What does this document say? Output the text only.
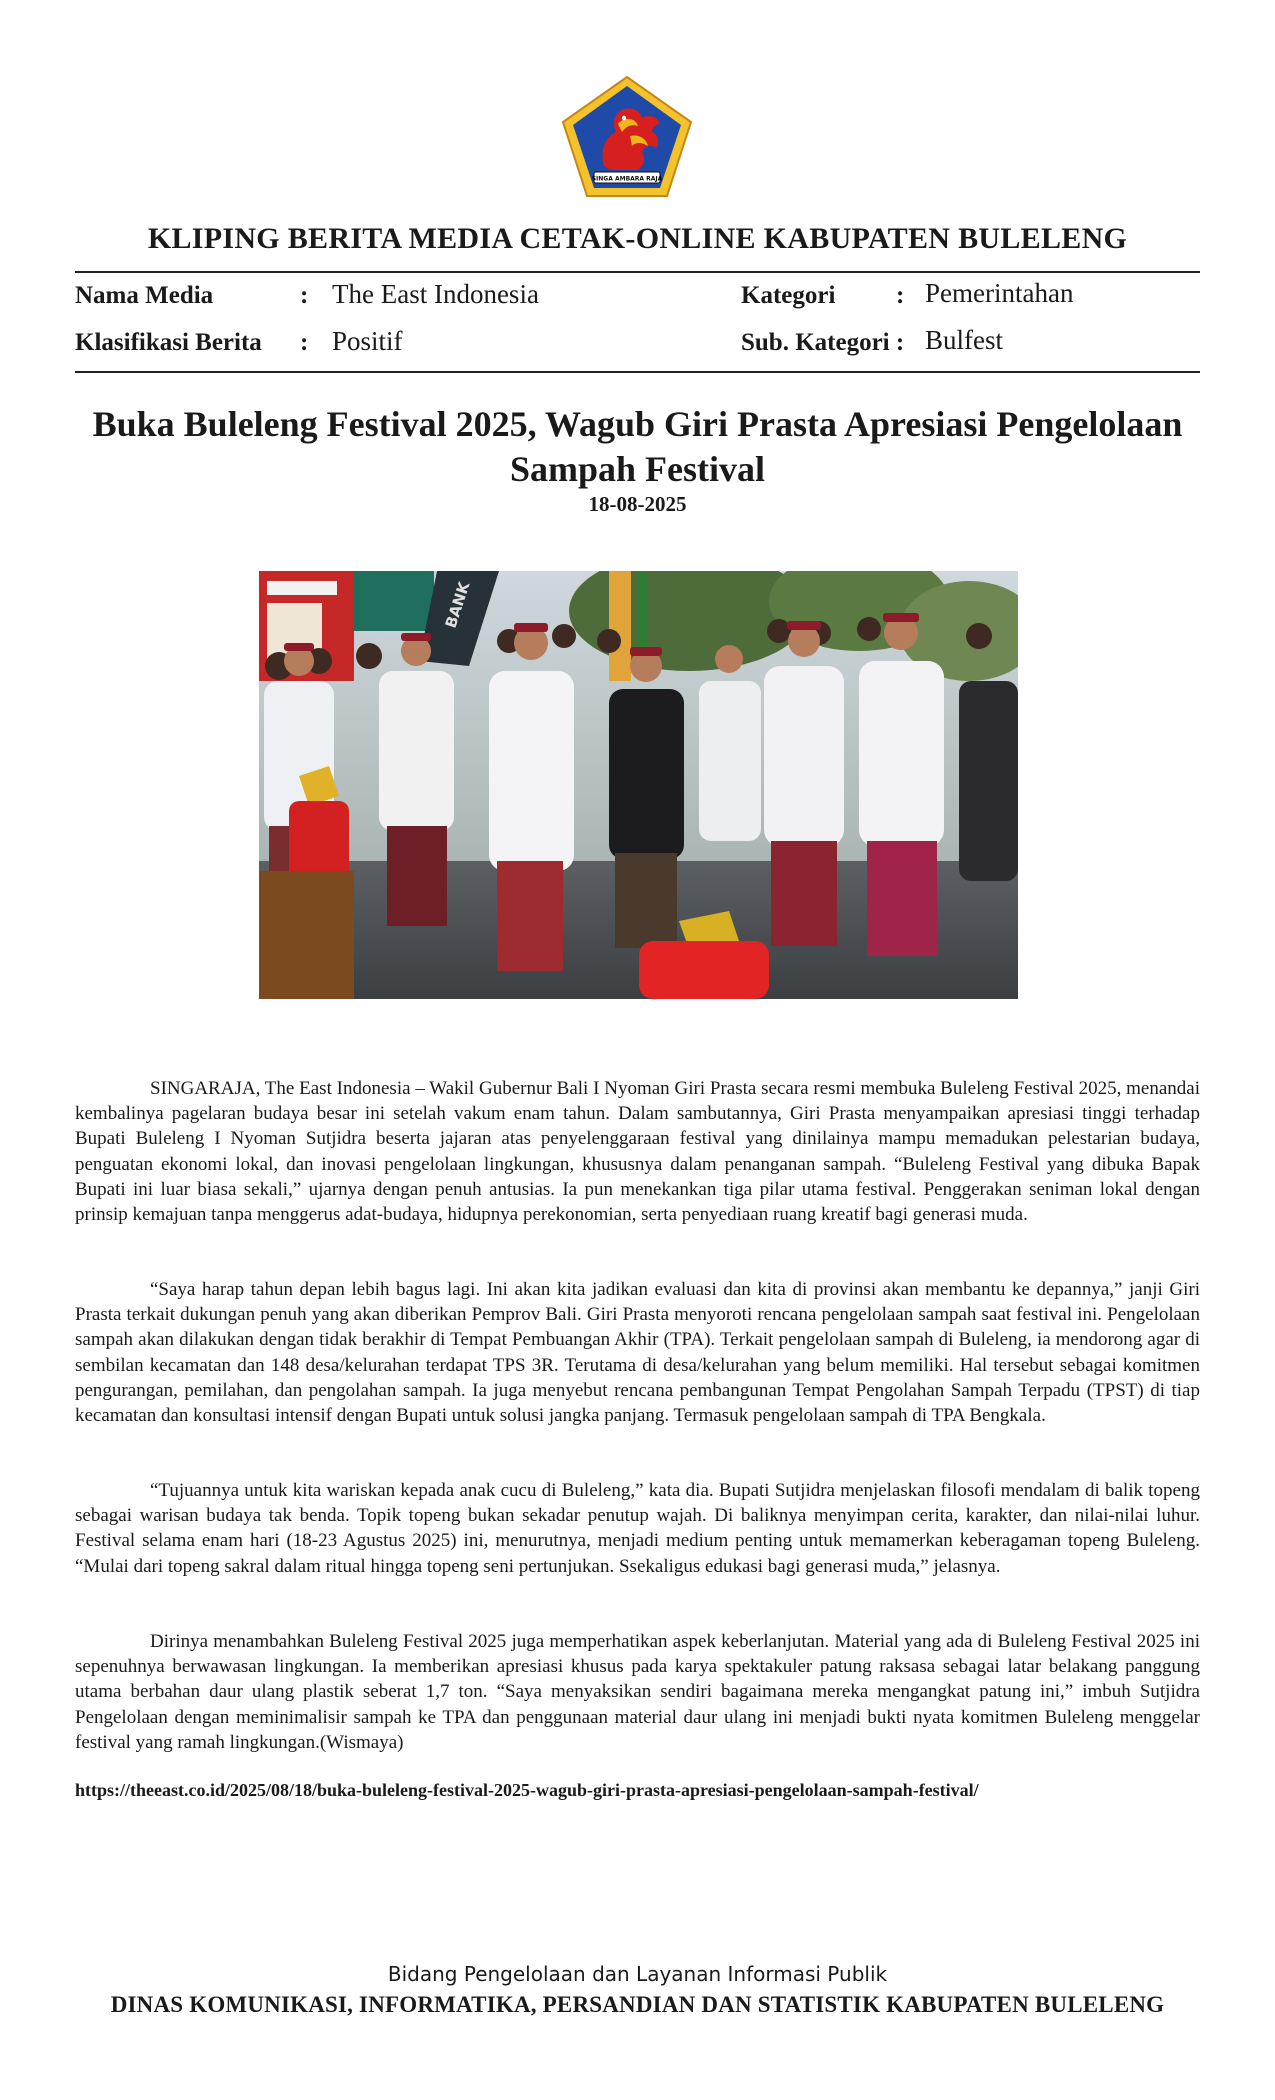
SINGA AMBARA RAJA
KLIPING BERITA MEDIA CETAK-ONLINE KABUPATEN BULELENG
Nama Media	: The East Indonesia	Kategori : Pemerintahan
Klasifikasi Berita : Positif	Sub. Kategori : Bulfest
Buka Buleleng Festival 2025, Wagub Giri Prasta Apresiasi Pengelolaan
Sampah Festival
18-08-2025
BANK

SINGARAJA, The East Indonesia – Wakil Gubernur Bali I Nyoman Giri Prasta secara resmi membuka Buleleng Festival 2025, menandai kembalinya pagelaran budaya besar ini setelah vakum enam tahun. Dalam sambutannya, Giri Prasta menyampaikan apresiasi tinggi terhadap Bupati Buleleng I Nyoman Sutjidra beserta jajaran atas penyelenggaraan festival yang dinilainya mampu memadukan pelestarian budaya, penguatan ekonomi lokal, dan inovasi pengelolaan lingkungan, khususnya dalam penanganan sampah. “Buleleng Festival yang dibuka Bapak Bupati ini luar biasa sekali,” ujarnya dengan penuh antusias. Ia pun menekankan tiga pilar utama festival. Penggerakan seniman lokal dengan prinsip kemajuan tanpa menggerus adat-budaya, hidupnya perekonomian, serta penyediaan ruang kreatif bagi generasi muda.

“Saya harap tahun depan lebih bagus lagi. Ini akan kita jadikan evaluasi dan kita di provinsi akan membantu ke depannya,” janji Giri Prasta terkait dukungan penuh yang akan diberikan Pemprov Bali. Giri Prasta menyoroti rencana pengelolaan sampah saat festival ini. Pengelolaan sampah akan dilakukan dengan tidak berakhir di Tempat Pembuangan Akhir (TPA). Terkait pengelolaan sampah di Buleleng, ia mendorong agar di sembilan kecamatan dan 148 desa/kelurahan terdapat TPS 3R. Terutama di desa/kelurahan yang belum memiliki. Hal tersebut sebagai komitmen pengurangan, pemilahan, dan pengolahan sampah. Ia juga menyebut rencana pembangunan Tempat Pengolahan Sampah Terpadu (TPST) di tiap kecamatan dan konsultasi intensif dengan Bupati untuk solusi jangka panjang. Termasuk pengelolaan sampah di TPA Bengkala.

“Tujuannya untuk kita wariskan kepada anak cucu di Buleleng,” kata dia. Bupati Sutjidra menjelaskan filosofi mendalam di balik topeng sebagai warisan budaya tak benda. Topik topeng bukan sekadar penutup wajah. Di baliknya menyimpan cerita, karakter, dan nilai-nilai luhur. Festival selama enam hari (18-23 Agustus 2025) ini, menurutnya, menjadi medium penting untuk memamerkan keberagaman topeng Buleleng. “Mulai dari topeng sakral dalam ritual hingga topeng seni pertunjukan. Ssekaligus edukasi bagi generasi muda,” jelasnya.

Dirinya menambahkan Buleleng Festival 2025 juga memperhatikan aspek keberlanjutan. Material yang ada di Buleleng Festival 2025 ini sepenuhnya berwawasan lingkungan. Ia memberikan apresiasi khusus pada karya spektakuler patung raksasa sebagai latar belakang panggung utama berbahan daur ulang plastik seberat 1,7 ton. “Saya menyaksikan sendiri bagaimana mereka mengangkat patung ini,” imbuh Sutjidra Pengelolaan dengan meminimalisir sampah ke TPA dan penggunaan material daur ulang ini menjadi bukti nyata komitmen Buleleng menggelar festival yang ramah lingkungan.(Wismaya)

https://theeast.co.id/2025/08/18/buka-buleleng-festival-2025-wagub-giri-prasta-apresiasi-pengelolaan-sampah-festival/
Bidang Pengelolaan dan Layanan Informasi Publik
DINAS KOMUNIKASI, INFORMATIKA, PERSANDIAN DAN STATISTIK KABUPATEN BULELENG
